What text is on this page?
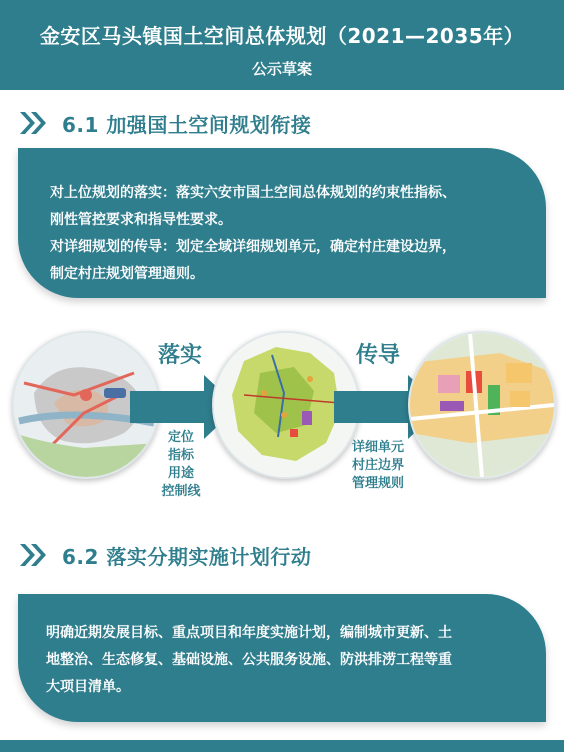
金安区马头镇国土空间总体规划（2021—2035年）
公示草案
6.1 加强国土空间规划衔接

对上位规划的落实：落实六安市国土空间总体规划的约束性指标、

刚性管控要求和指导性要求。

对详细规划的传导：划定全域详细规划单元，确定村庄建设边界，

制定村庄规划管理通则。

落实
定位
指标
用途
控制线
传导
详细单元
村庄边界
管理规则
6.2 落实分期实施计划行动

明确近期发展目标、重点项目和年度实施计划，编制城市更新、土

地整治、生态修复、基础设施、公共服务设施、防洪排涝工程等重

大项目清单。
